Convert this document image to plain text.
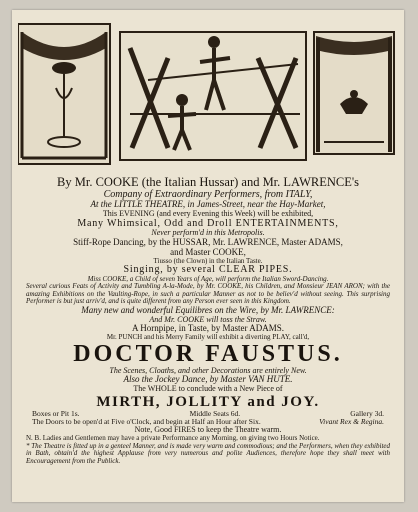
By Mr. COOKE (the Italian Hussar) and Mr. LAWRENCE's
Company of Extraordinary Performers, from ITALY,
At the LITTLE THEATRE, in James-Street, near the Hay-Market,
This EVENING (and every Evening this Week) will be exhibited,
Many Whimsical, Odd and Droll ENTERTAINMENTS,
Never perform'd in this Metropolis.
Stiff-Rope Dancing, by the HUSSAR, Mr. LAWRENCE, Master ADAMS,
and Master COOKE,
Tiusso (the Clown) in the Italian Taste.
Singing, by several CLEAR PIPES.
Miss COOKE, a Child of seven Years of Age, will perform the Italian Sword-Dancing.
Several curious Feats of Activity and Tumbling A-la-Mode, by Mr. COOKE, his Children, and Monsieur JEAN ARON; with the amazing Exhibitions on the Vaulting-Rope, in such a particular Manner as not to be believ'd without seeing. This surprising Performer is but just arriv'd, and is quite different from any Person ever seen in this Kingdom.
Many new and wonderful Equilibres on the Wire, by Mr. LAWRENCE:
And Mr. COOKE will toss the Straw.
A Hornpipe, in Taste, by Master ADAMS.
Mr. PUNCH and his Merry Family will exhibit a diverting PLAY, call'd,
DOCTOR FAUSTUS.
The Scenes, Cloaths, and other Decorations are entirely New.
Also the Jockey Dance, by Master VAN HUTE.
The WHOLE to conclude with a New Piece of
MIRTH, JOLLITY and JOY.
Boxes or Pit 1s.	Middle Seats 6d.	Gallery 3d.
The Doors to be open'd at Five o'Clock, and begin at Half an Hour after Six.	Vivant Rex & Regina.
Note, Good FIRES to keep the Theatre warm.
N. B. Ladies and Gentlemen may have a private Performance any Morning, on giving two Hours Notice.
* The Theatre is fitted up in a genteel Manner, and is made very warm and commodious; and the Performers, when they exhibited in Bath, obtain'd the highest Applause from very numerous and polite Audiences, therefore hope they shall meet with Encouragement from the Publick.
